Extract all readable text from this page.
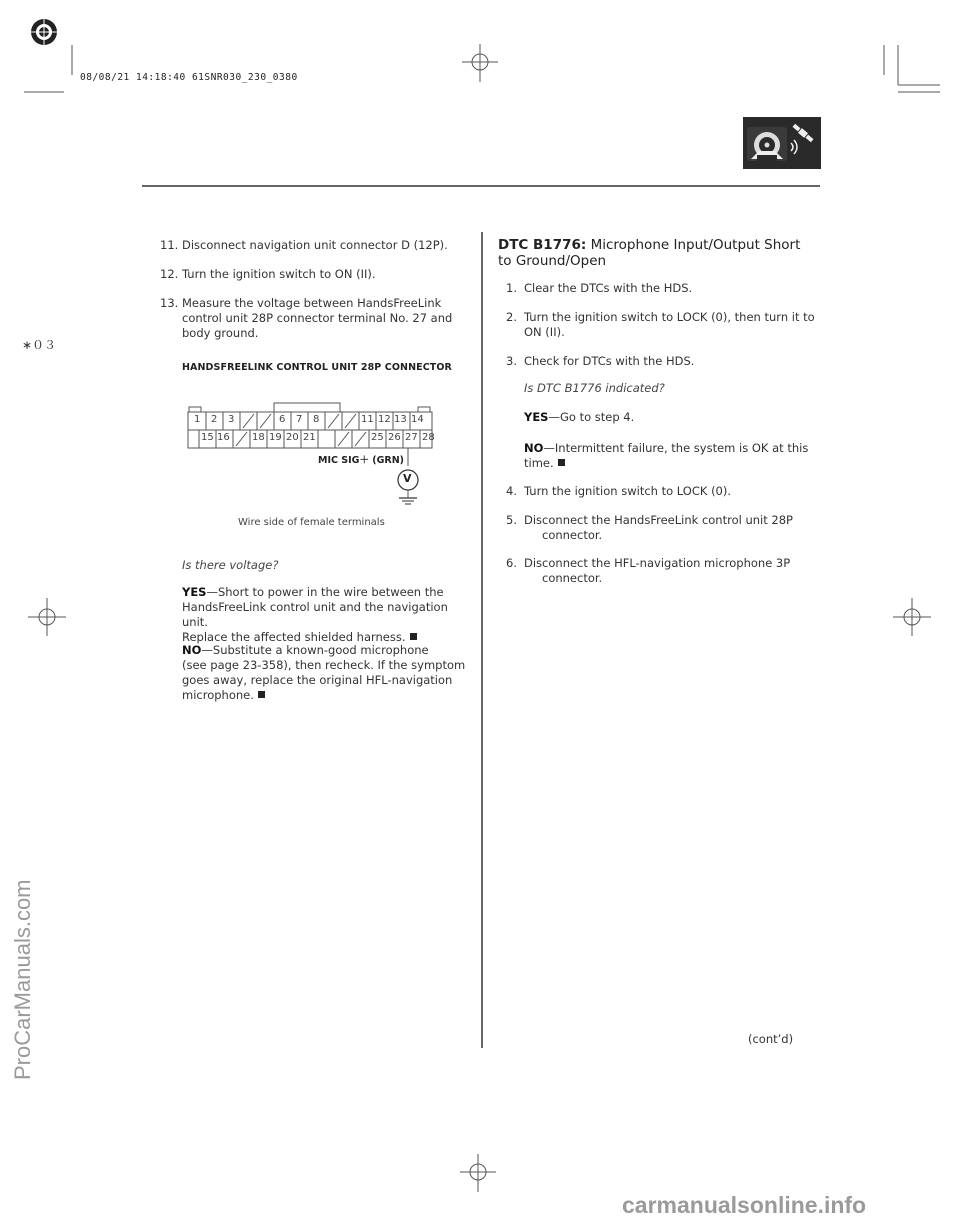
08/08/21 14:18:40 61SNR030_230_0380
∗０３
11. Disconnect navigation unit connector D (12P).
12. Turn the ignition switch to ON (II).
13. Measure the voltage between HandsFreeLink
control unit 28P connector terminal No. 27 and
body ground.
HANDSFREELINK CONTROL UNIT 28P CONNECTOR
1 2 3	6 7 8	11 12 13 14
15 16 18 19 20 21	25 26 27 28
MIC SIG＋ (GRN)
V
Wire side of female terminals
Is there voltage?
YES—Short to power in the wire between the
HandsFreeLink control unit and the navigation unit.
Replace the affected shielded harness.
NO—Substitute a known-good microphone
(see page 23-358), then recheck. If the symptom
goes away, replace the original HFL-navigation
microphone.
DTC B1776: Microphone Input/Output Short
to Ground/Open
1. Clear the DTCs with the HDS.
2. Turn the ignition switch to LOCK (0), then turn it to
ON (II).
3. Check for DTCs with the HDS.
Is DTC B1776 indicated?
YES—Go to step 4.
NO—Intermittent failure, the system is OK at this
time.
4. Turn the ignition switch to LOCK (0).
5. Disconnect the HandsFreeLink control unit 28P
connector.
6. Disconnect the HFL-navigation microphone 3P
connector.
(cont’d)
ProCarManuals.com
carmanualsonline.info
